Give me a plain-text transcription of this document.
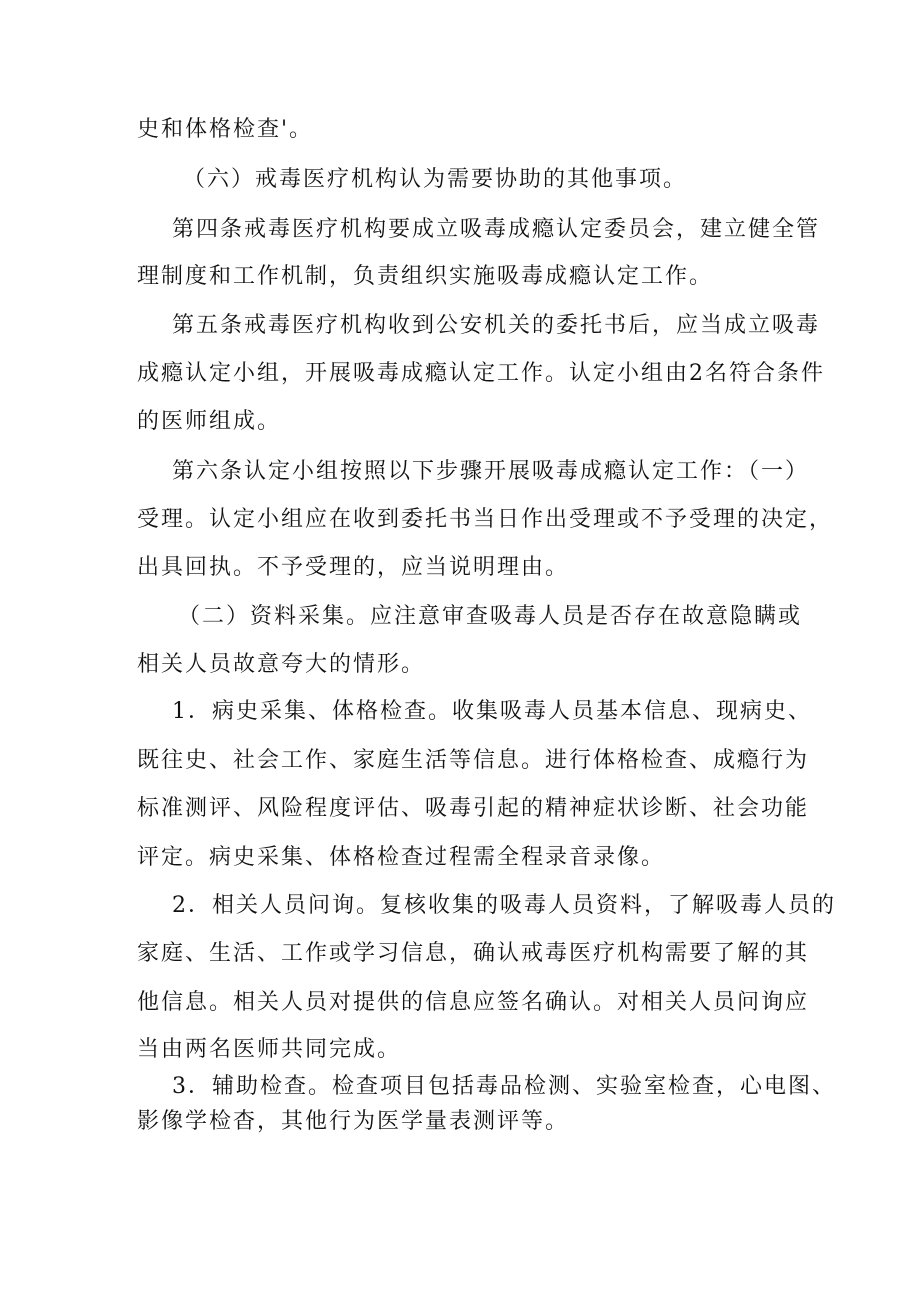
史和体格检查'。
（六）戒毒医疗机构认为需要协助的其他事项。
第四条戒毒医疗机构要成立吸毒成瘾认定委员会，建立健全管
理制度和工作机制，负责组织实施吸毒成瘾认定工作。
第五条戒毒医疗机构收到公安机关的委托书后，应当成立吸毒
成瘾认定小组，开展吸毒成瘾认定工作。认定小组由2名符合条件
的医师组成。
第六条认定小组按照以下步骤开展吸毒成瘾认定工作：（一）
受理。认定小组应在收到委托书当日作出受理或不予受理的决定，
出具回执。不予受理的，应当说明理由。
（二）资料采集。应注意审查吸毒人员是否存在故意隐瞒或
相关人员故意夸大的情形。
1．病史采集、体格检查。收集吸毒人员基本信息、现病史、
既往史、社会工作、家庭生活等信息。进行体格检查、成瘾行为
标准测评、风险程度评估、吸毒引起的精神症状诊断、社会功能
评定。病史采集、体格检查过程需全程录音录像。
2．相关人员问询。复核收集的吸毒人员资料，了解吸毒人员的
家庭、生活、工作或学习信息，确认戒毒医疗机构需要了解的其
他信息。相关人员对提供的信息应签名确认。对相关人员问询应
当由两名医师共同完成。
3．辅助检查。检查项目包括毒品检测、实验室检查，心电图、
影像学检杳，其他行为医学量表测评等。
